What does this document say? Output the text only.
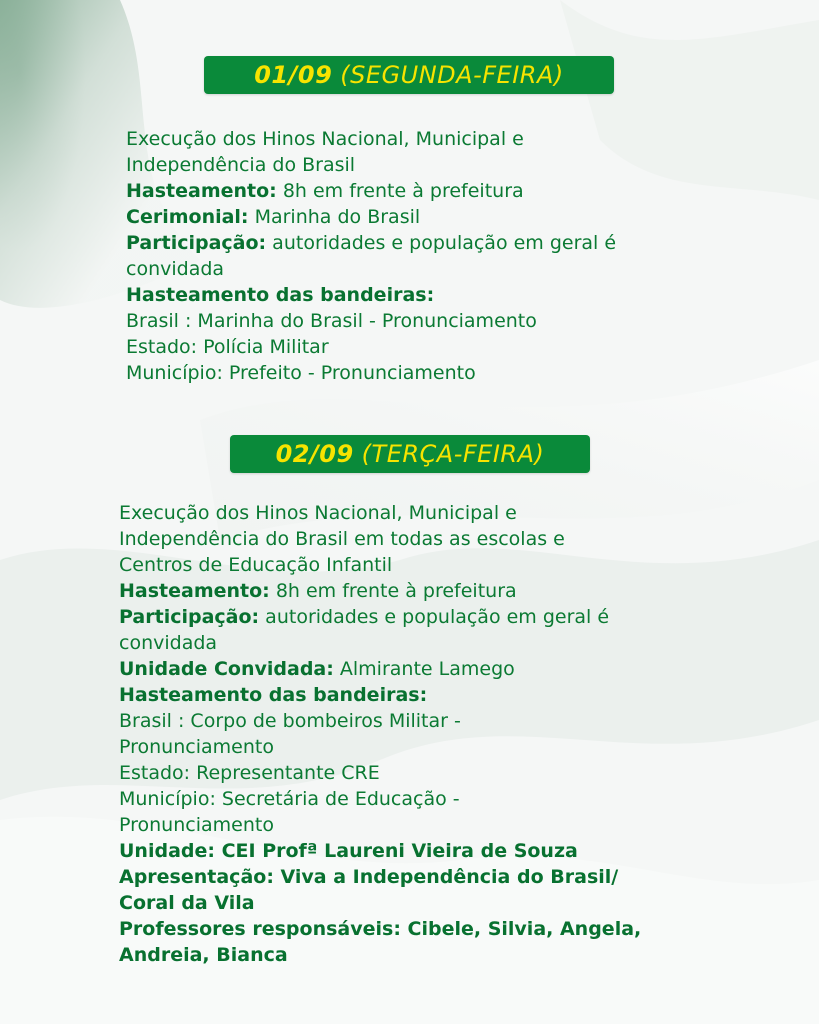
01/09 (SEGUNDA-FEIRA)
Execução dos Hinos Nacional, Municipal e
Independência do Brasil
Hasteamento: 8h em frente à prefeitura
Cerimonial: Marinha do Brasil
Participação: autoridades e população em geral é
convidada
Hasteamento das bandeiras:
Brasil : Marinha do Brasil - Pronunciamento
Estado: Polícia Militar
Município: Prefeito - Pronunciamento
02/09 (TERÇA-FEIRA)
Execução dos Hinos Nacional, Municipal e
Independência do Brasil em todas as escolas e
Centros de Educação Infantil
Hasteamento: 8h em frente à prefeitura
Participação: autoridades e população em geral é
convidada
Unidade Convidada: Almirante Lamego
Hasteamento das bandeiras:
Brasil : Corpo de bombeiros Militar -
Pronunciamento
Estado: Representante CRE
Município: Secretária de Educação -
Pronunciamento
Unidade: CEI Profª Laureni Vieira de Souza
Apresentação: Viva a Independência do Brasil/
Coral da Vila
Professores responsáveis: Cibele, Silvia, Angela,
Andreia, Bianca
